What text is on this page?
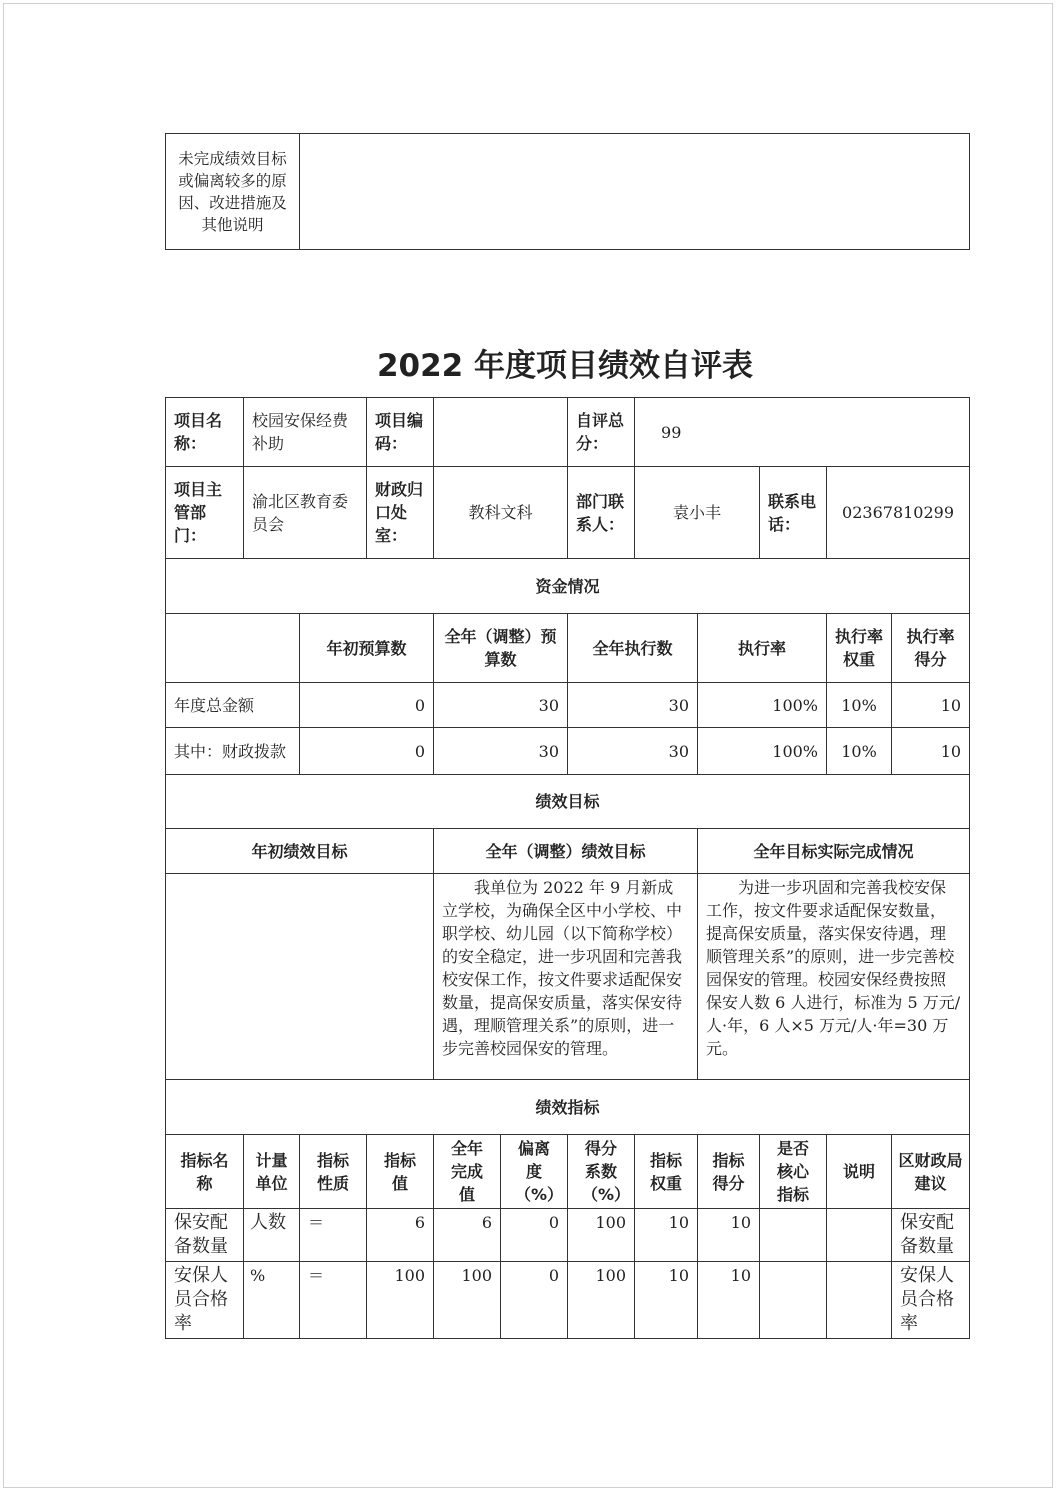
未完成绩效目标或偏离较多的原因、改进措施及其他说明	
2022 年度项目绩效自评表
项目名称：	校园安保经费补助		项目编码：			自评总分：	99				
项目主管部门：	渝北区教育委员会		财政归口处室：	教科文科		部门联系人：	袁小丰		联系电话：	02367810299	
资金情况											
		年初预算数		全年（调整）预算数		全年执行数		执行率		执行率权重	执行率得分
年度总金额		0		30		30		100%		10%	10
其中：财政拨款		0		30		30		100%		10%	10
绩效目标											
年初绩效目标				全年（调整）绩效目标				全年目标实际完成情况			
				我单位为 2022 年 9 月新成立学校，为确保全区中小学校、中职学校、幼儿园（以下简称学校）的安全稳定，进一步巩固和完善我校安保工作，按文件要求适配保安数量，提高保安质量，落实保安待遇，理顺管理关系”的原则，进一步完善校园保安的管理。				为进一步巩固和完善我校安保工作，按文件要求适配保安数量，提高保安质量，落实保安待遇，理顺管理关系”的原则，进一步完善校园保安的管理。校园安保经费按照保安人数 6 人进行，标准为 5 万元/人·年，6 人×5 万元/人·年=30 万元。			
绩效指标											
指标名称	计量单位	指标性质	指标值	全年完成值	偏离度（%）	得分系数（%）	指标权重	指标得分	是否核心指标	说明	区财政局建议
保安配备数量	人数	＝	6	6	0	100	10	10			保安配备数量
安保人员合格率	%	＝	100	100	0	100	10	10			安保人员合格率
